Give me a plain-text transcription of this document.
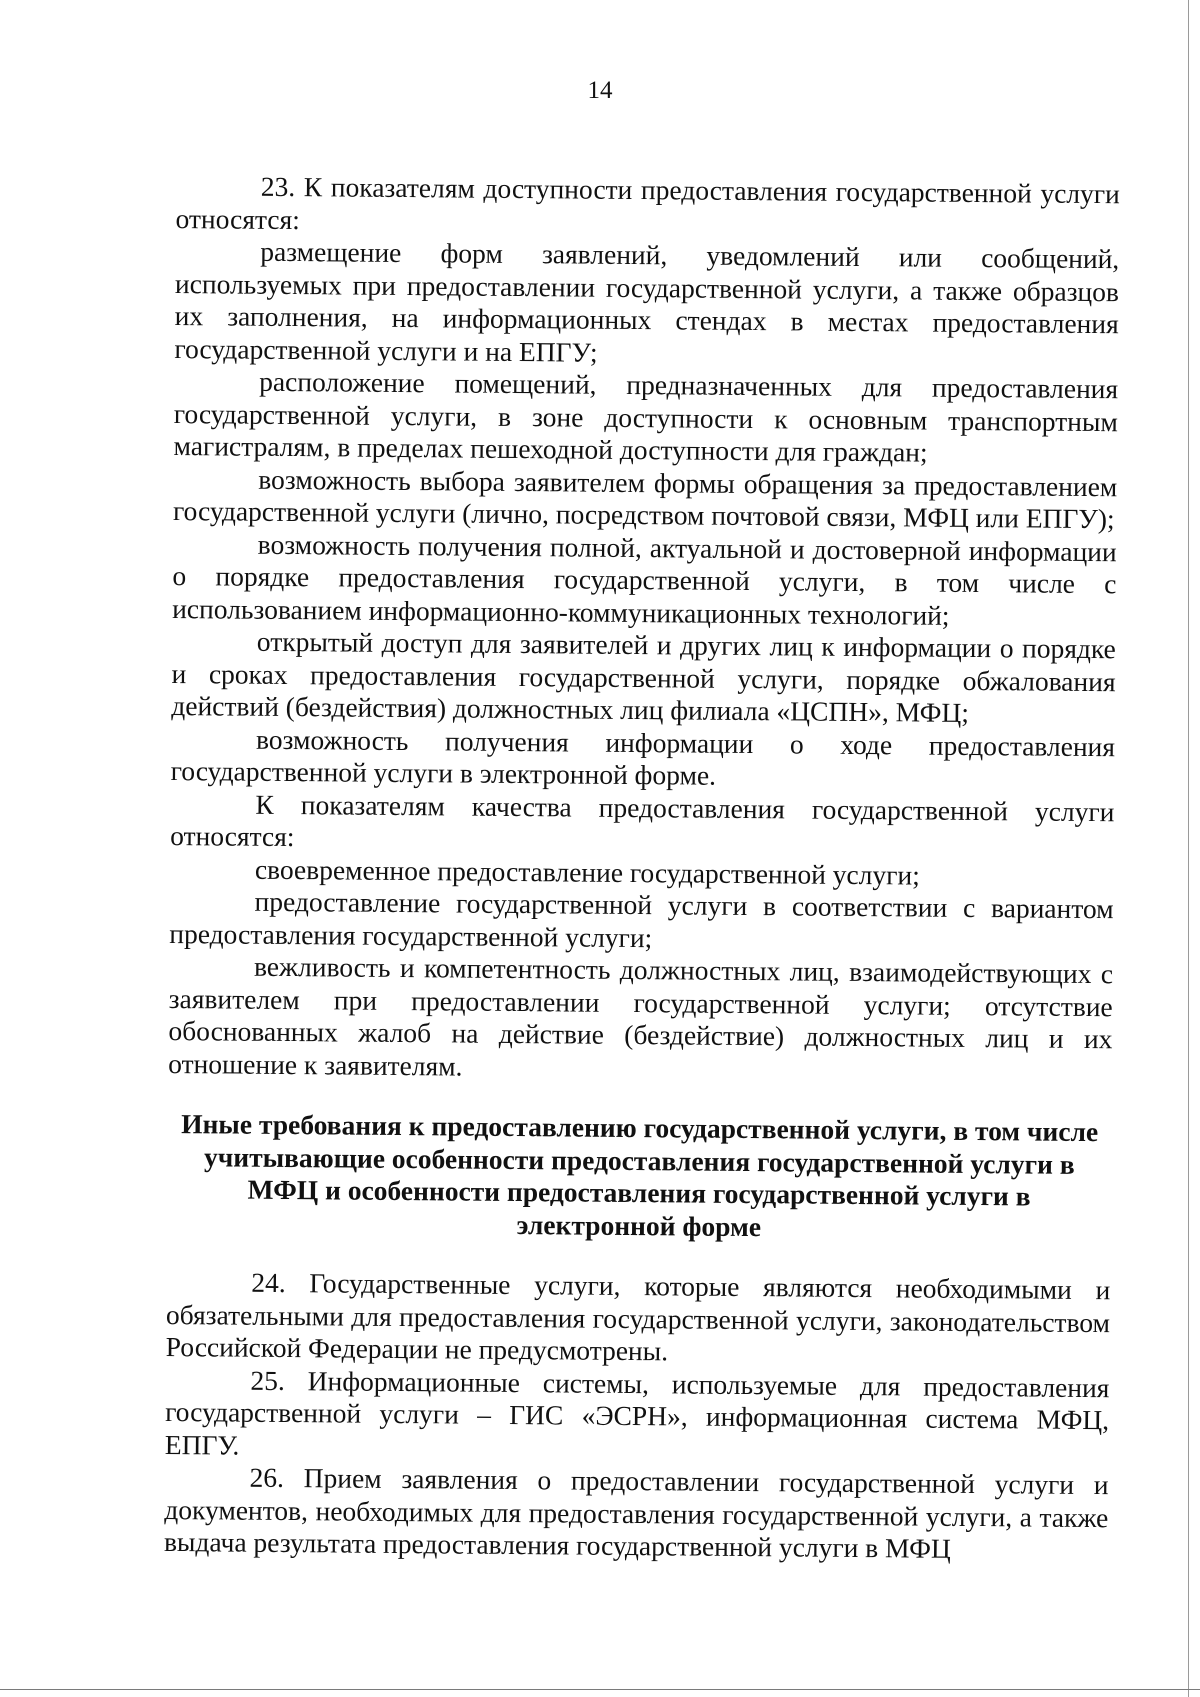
14

23. К показателям доступности предоставления государственной услуги относятся:

размещение форм заявлений, уведомлений или сообщений, используемых при предоставлении государственной услуги, а также образцов их заполнения, на информационных стендах в местах предоставления государственной услуги и на ЕПГУ;

расположение помещений, предназначенных для предоставления государственной услуги, в зоне доступности к основным транспортным магистралям, в пределах пешеходной доступности для граждан;

возможность выбора заявителем формы обращения за предоставлением государственной услуги (лично, посредством почтовой связи, МФЦ или ЕПГУ);

возможность получения полной, актуальной и достоверной информации о порядке предоставления государственной услуги, в том числе с использованием информационно-коммуникационных технологий;

открытый доступ для заявителей и других лиц к информации о порядке и сроках предоставления государственной услуги, порядке обжалования действий (бездействия) должностных лиц филиала «ЦСПН», МФЦ;

возможность получения информации о ходе предоставления государственной услуги в электронной форме.

К показателям качества предоставления государственной услуги относятся:

своевременное предоставление государственной услуги;

предоставление государственной услуги в соответствии с вариантом предоставления государственной услуги;

вежливость и компетентность должностных лиц, взаимодействующих с заявителем при предоставлении государственной услуги; отсутствие обоснованных жалоб на действие (бездействие) должностных лиц и их отношение к заявителям.

Иные требования к предоставлению государственной услуги, в том числе учитывающие особенности предоставления государственной услуги в МФЦ и особенности предоставления государственной услуги в электронной форме

24. Государственные услуги, которые являются необходимыми и обязательными для предоставления государственной услуги, законодательством Российской Федерации не предусмотрены.

25. Информационные системы, используемые для предоставления государственной услуги – ГИС «ЭСРН», информационная система МФЦ, ЕПГУ.

26. Прием заявления о предоставлении государственной услуги и документов, необходимых для предоставления государственной услуги, а также выдача результата предоставления государственной услуги в МФЦ
